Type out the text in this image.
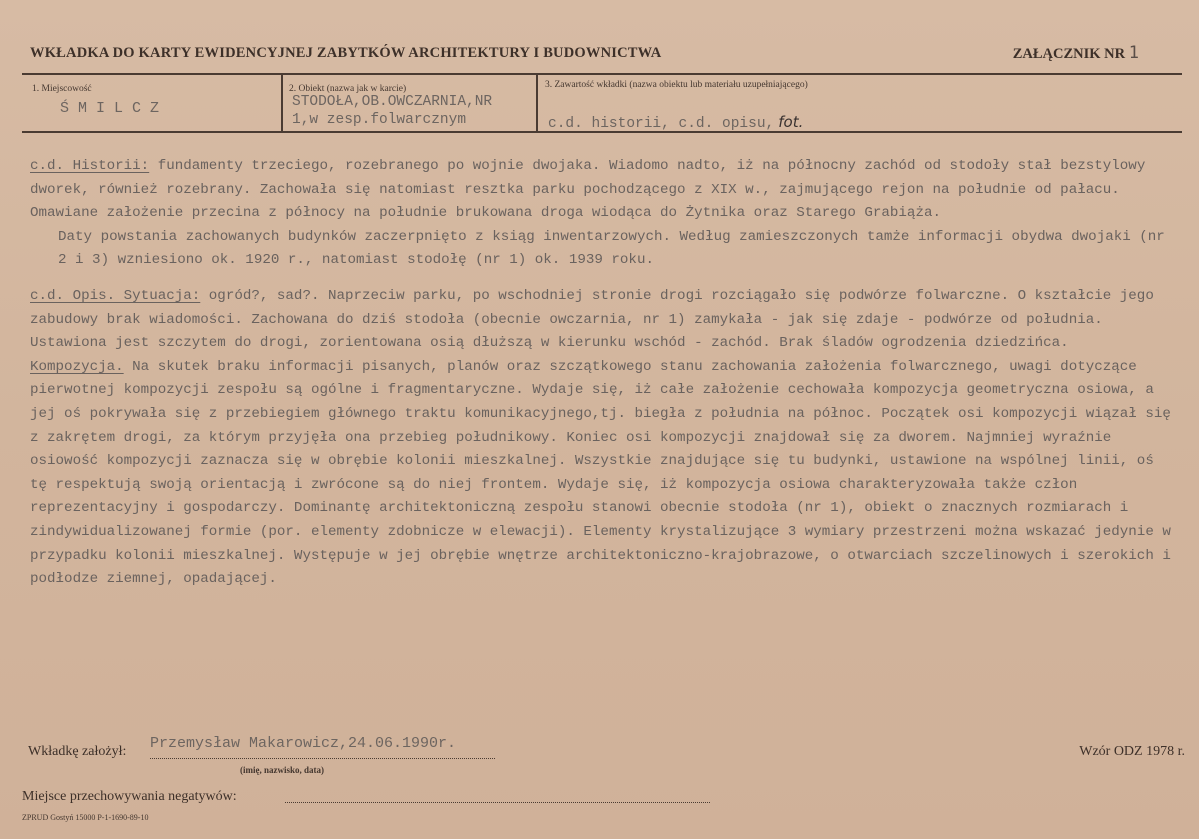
WKŁADKA DO KARTY EWIDENCYJNEJ ZABYTKÓW ARCHITEKTURY I BUDOWNICTWA	ZAŁĄCZNIK NR 1
1. Miejscowość
Ś M I L C Z
2. Obiekt (nazwa jak w karcie)
STODOŁA,OB.OWCZARNIA,NR
1,w zesp.folwarcznym
3. Zawartość wkładki (nazwa obiektu lub materiału uzupełniającego)
c.d. historii, c.d. opisu, fot.

c.d. Historii: fundamenty trzeciego, rozebranego po wojnie dwojaka. Wiadomo nadto, iż na północny zachód od stodoły stał bezstylowy dworek, również rozebrany. Zachowała się natomiast resztka parku pochodzącego z XIX w., zajmującego rejon na południe od pałacu. Omawiane założenie przecina z północy na południe brukowana droga wiodąca do Żytnika oraz Starego Grabiąża.

Daty powstania zachowanych budynków zaczerpnięto z ksiąg inwentarzowych. Według zamieszczonych tamże informacji obydwa dwojaki (nr 2 i 3) wzniesiono ok. 1920 r., natomiast stodołę (nr 1) ok. 1939 roku.

c.d. Opis. Sytuacja: ogród?, sad?. Naprzeciw parku, po wschodniej stronie drogi rozciągało się podwórze folwarczne. O kształcie jego zabudowy brak wiadomości. Zachowana do dziś stodoła (obecnie owczarnia, nr 1) zamykała - jak się zdaje - podwórze od południa. Ustawiona jest szczytem do drogi, zorientowana osią dłuższą w kierunku wschód - zachód. Brak śladów ogrodzenia dziedzińca.

Kompozycja. Na skutek braku informacji pisanych, planów oraz szczątkowego stanu zachowania założenia folwarcznego, uwagi dotyczące pierwotnej kompozycji zespołu są ogólne i fragmentaryczne. Wydaje się, iż całe założenie cechowała kompozycja geometryczna osiowa, a jej oś pokrywała się z przebiegiem głównego traktu komunikacyjnego,tj. biegła z południa na północ. Początek osi kompozycji wiązał się z zakrętem drogi, za którym przyjęła ona przebieg południkowy. Koniec osi kompozycji znajdował się za dworem. Najmniej wyraźnie osiowość kompozycji zaznacza się w obrębie kolonii mieszkalnej. Wszystkie znajdujące się tu budynki, ustawione na wspólnej linii, oś tę respektują swoją orientacją i zwrócone są do niej frontem. Wydaje się, iż kompozycja osiowa charakteryzowała także człon reprezentacyjny i gospodarczy. Dominantę architektoniczną zespołu stanowi obecnie stodoła (nr 1), obiekt o znacznych rozmiarach i zindywidualizowanej formie (por. elementy zdobnicze w elewacji). Elementy krystalizujące 3 wymiary przestrzeni można wskazać jedynie w przypadku kolonii mieszkalnej. Występuje w jej obrębie wnętrze architektoniczno-krajobrazowe, o otwarciach szczelinowych i szerokich i podłodze ziemnej, opadającej.

Wkładkę założył: Przemysław Makarowicz,24.06.1990r.
(imię, nazwisko, data)
Wzór ODZ 1978 r.
Miejsce przechowywania negatywów:
ZPRUD Gostyń 15000 P-1-1690-89-10
